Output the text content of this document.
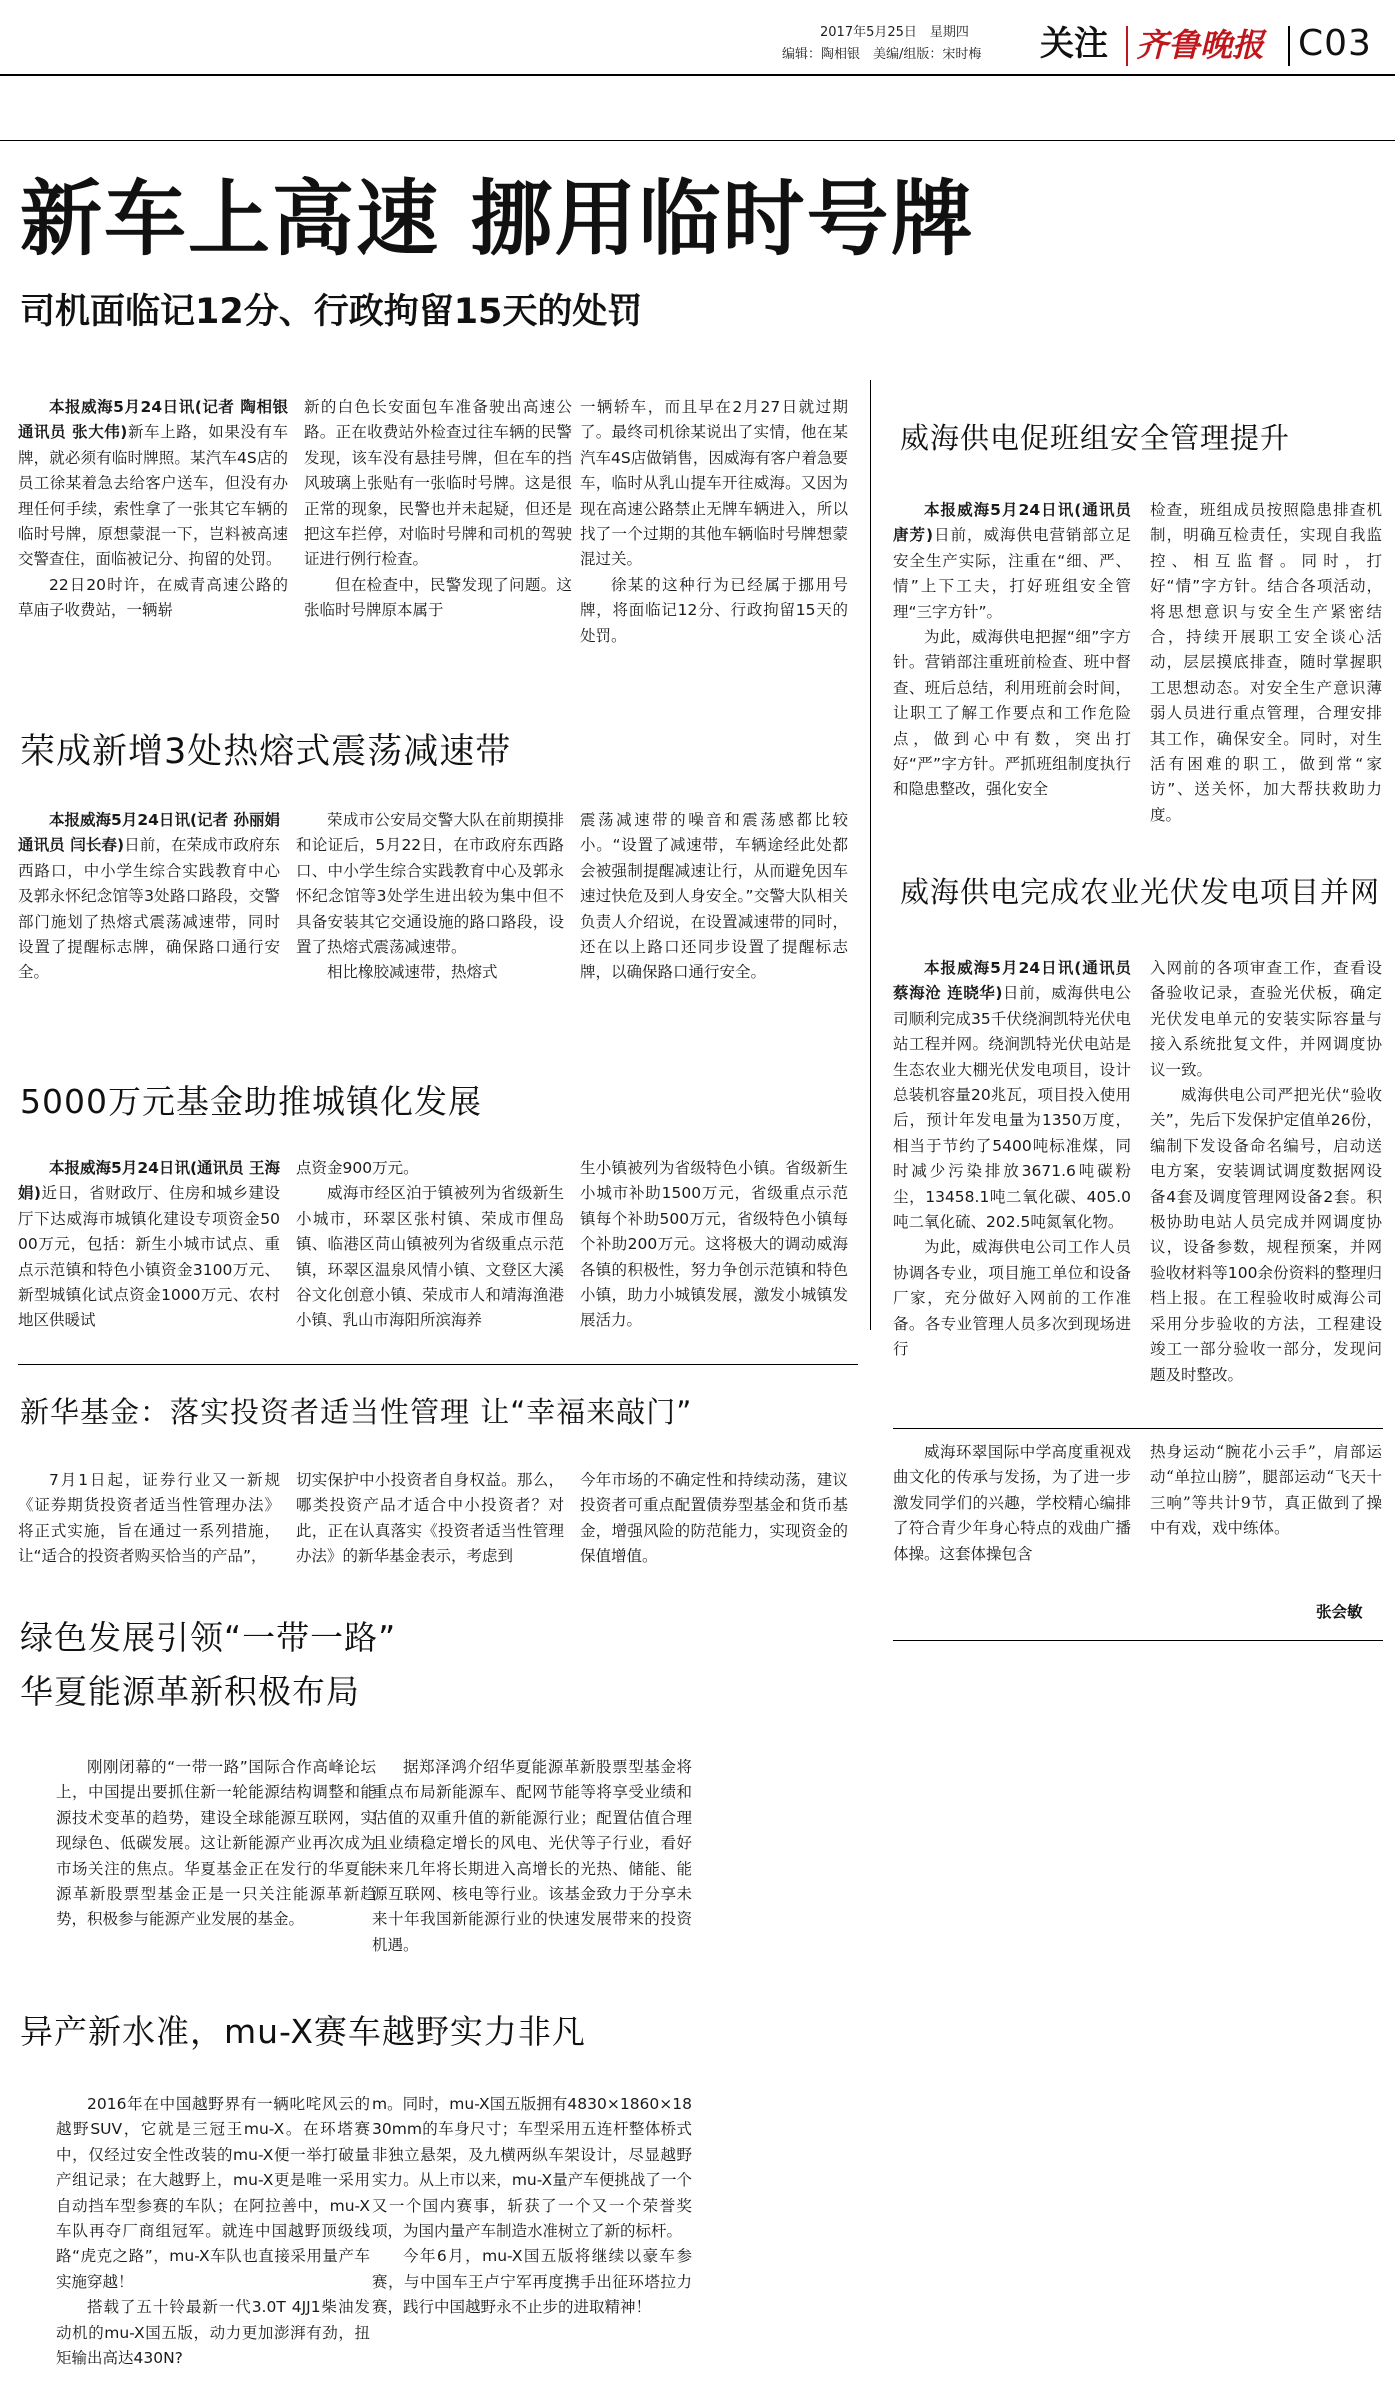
2017年5月25日　星期四
编辑：陶相银　美编/组版：宋时梅	关注 齐鲁晚报 C03
新车上高速 挪用临时号牌
司机面临记12分、行政拘留15天的处罚
本报威海5月24日讯(记者 陶相银 通讯员 张大伟)新车上路，如果没有车牌，就必须有临时牌照。某汽车4S店的员工徐某着急去给客户送车，但没有办理任何手续，索性拿了一张其它车辆的临时号牌，原想蒙混一下，岂料被高速交警查住，面临被记分、拘留的处罚。
22日20时许，在威青高速公路的草庙子收费站，一辆崭
新的白色长安面包车准备驶出高速公路。正在收费站外检查过往车辆的民警发现，该车没有悬挂号牌，但在车的挡风玻璃上张贴有一张临时号牌。这是很正常的现象，民警也并未起疑，但还是把这车拦停，对临时号牌和司机的驾驶证进行例行检查。
但在检查中，民警发现了问题。这张临时号牌原本属于
一辆轿车，而且早在2月27日就过期了。最终司机徐某说出了实情，他在某汽车4S店做销售，因威海有客户着急要车，临时从乳山提车开往威海。又因为现在高速公路禁止无牌车辆进入，所以找了一个过期的其他车辆临时号牌想蒙混过关。
徐某的这种行为已经属于挪用号牌，将面临记12分、行政拘留15天的处罚。
荣成新增3处热熔式震荡减速带
本报威海5月24日讯(记者 孙丽娟 通讯员 闫长春)日前，在荣成市政府东西路口，中小学生综合实践教育中心及郭永怀纪念馆等3处路口路段，交警部门施划了热熔式震荡减速带，同时设置了提醒标志牌，确保路口通行安全。
荣成市公安局交警大队在前期摸排和论证后，5月22日，在市政府东西路口、中小学生综合实践教育中心及郭永怀纪念馆等3处学生进出较为集中但不具备安装其它交通设施的路口路段，设置了热熔式震荡减速带。
相比橡胶减速带，热熔式
震荡减速带的噪音和震荡感都比较小。“设置了减速带，车辆途经此处都会被强制提醒减速让行，从而避免因车速过快危及到人身安全。”交警大队相关负责人介绍说，在设置减速带的同时，还在以上路口还同步设置了提醒标志牌，以确保路口通行安全。
5000万元基金助推城镇化发展
本报威海5月24日讯(通讯员 王海娟)近日，省财政厅、住房和城乡建设厅下达威海市城镇化建设专项资金5000万元，包括：新生小城市试点、重点示范镇和特色小镇资金3100万元、新型城镇化试点资金1000万元、农村地区供暖试
点资金900万元。
威海市经区泊于镇被列为省级新生小城市，环翠区张村镇、荣成市俚岛镇、临港区苘山镇被列为省级重点示范镇，环翠区温泉风情小镇、文登区大溪谷文化创意小镇、荣成市人和靖海渔港小镇、乳山市海阳所滨海养
生小镇被列为省级特色小镇。省级新生小城市补助1500万元，省级重点示范镇每个补助500万元，省级特色小镇每个补助200万元。这将极大的调动威海各镇的积极性，努力争创示范镇和特色小镇，助力小城镇发展，激发小城镇发展活力。
新华基金：落实投资者适当性管理 让“幸福来敲门”
7月1日起，证券行业又一新规《证券期货投资者适当性管理办法》将正式实施，旨在通过一系列措施，让“适合的投资者购买恰当的产品”，
切实保护中小投资者自身权益。那么，哪类投资产品才适合中小投资者？对此，正在认真落实《投资者适当性管理办法》的新华基金表示，考虑到
今年市场的不确定性和持续动荡，建议投资者可重点配置债券型基金和货币基金，增强风险的防范能力，实现资金的保值增值。
绿色发展引领“一带一路”
华夏能源革新积极布局
刚刚闭幕的“一带一路”国际合作高峰论坛上，中国提出要抓住新一轮能源结构调整和能源技术变革的趋势，建设全球能源互联网，实现绿色、低碳发展。这让新能源产业再次成为市场关注的焦点。华夏基金正在发行的华夏能源革新股票型基金正是一只关注能源革新趋势，积极参与能源产业发展的基金。
据郑泽鸿介绍华夏能源革新股票型基金将重点布局新能源车、配网节能等将享受业绩和估值的双重升值的新能源行业；配置估值合理且业绩稳定增长的风电、光伏等子行业，看好未来几年将长期进入高增长的光热、储能、能源互联网、核电等行业。该基金致力于分享未来十年我国新能源行业的快速发展带来的投资机遇。
异产新水准，mu-X赛车越野实力非凡
2016年在中国越野界有一辆叱咤风云的越野SUV，它就是三冠王mu-X。在环塔赛中，仅经过安全性改装的mu-X便一举打破量产组记录；在大越野上，mu-X更是唯一采用自动挡车型参赛的车队；在阿拉善中，mu-X车队再夺厂商组冠军。就连中国越野顶级线路“虎克之路”，mu-X车队也直接采用量产车实施穿越！
搭载了五十铃最新一代3.0T 4JJ1柴油发动机的mu-X国五版，动力更加澎湃有劲，扭矩输出高达430N?
m。同时，mu-X国五版拥有4830×1860×1830mm的车身尺寸；车型采用五连杆整体桥式非独立悬架，及九横两纵车架设计，尽显越野实力。从上市以来，mu-X量产车便挑战了一个又一个国内赛事，斩获了一个又一个荣誉奖项，为国内量产车制造水准树立了新的标杆。
今年6月，mu-X国五版将继续以豪车参赛，与中国车王卢宁军再度携手出征环塔拉力赛，践行中国越野永不止步的进取精神！
威海供电促班组安全管理提升
本报威海5月24日讯(通讯员 唐芳)日前，威海供电营销部立足安全生产实际，注重在“细、严、情”上下工夫，打好班组安全管理“三字方针”。
为此，威海供电把握“细”字方针。营销部注重班前检查、班中督查、班后总结，利用班前会时间，让职工了解工作要点和工作危险点，做到心中有数，突出打好“严”字方针。严抓班组制度执行和隐患整改，强化安全
检查，班组成员按照隐患排查机制，明确互检责任，实现自我监控、相互监督。同时，打好“情”字方针。结合各项活动，将思想意识与安全生产紧密结合，持续开展职工安全谈心活动，层层摸底排查，随时掌握职工思想动态。对安全生产意识薄弱人员进行重点管理，合理安排其工作，确保安全。同时，对生活有困难的职工，做到常“家访”、送关怀，加大帮扶救助力度。
威海供电完成农业光伏发电项目并网
本报威海5月24日讯(通讯员 蔡海沧 连晓华)日前，威海供电公司顺利完成35千伏绕涧凯特光伏电站工程并网。绕涧凯特光伏电站是生态农业大棚光伏发电项目，设计总装机容量20兆瓦，项目投入使用后，预计年发电量为1350万度，相当于节约了5400吨标准煤，同时减少污染排放3671.6吨碳粉尘，13458.1吨二氧化碳、405.0吨二氧化硫、202.5吨氮氧化物。
为此，威海供电公司工作人员协调各专业，项目施工单位和设备厂家，充分做好入网前的工作准备。各专业管理人员多次到现场进行
入网前的各项审查工作，查看设备验收记录，查验光伏板，确定光伏发电单元的安装实际容量与接入系统批复文件，并网调度协议一致。
威海供电公司严把光伏“验收关”，先后下发保护定值单26份，编制下发设备命名编号，启动送电方案，安装调试调度数据网设备4套及调度管理网设备2套。积极协助电站人员完成并网调度协议，设备参数，规程预案，并网验收材料等100余份资料的整理归档上报。在工程验收时威海公司采用分步验收的方法，工程建设竣工一部分验收一部分，发现问题及时整改。
威海环翠国际中学高度重视戏曲文化的传承与发扬，为了进一步激发同学们的兴趣，学校精心编排了符合青少年身心特点的戏曲广播体操。这套体操包含
热身运动“腕花小云手”，肩部运动“单拉山膀”，腿部运动“飞天十三响”等共计9节，真正做到了操中有戏，戏中练体。
张会敏
